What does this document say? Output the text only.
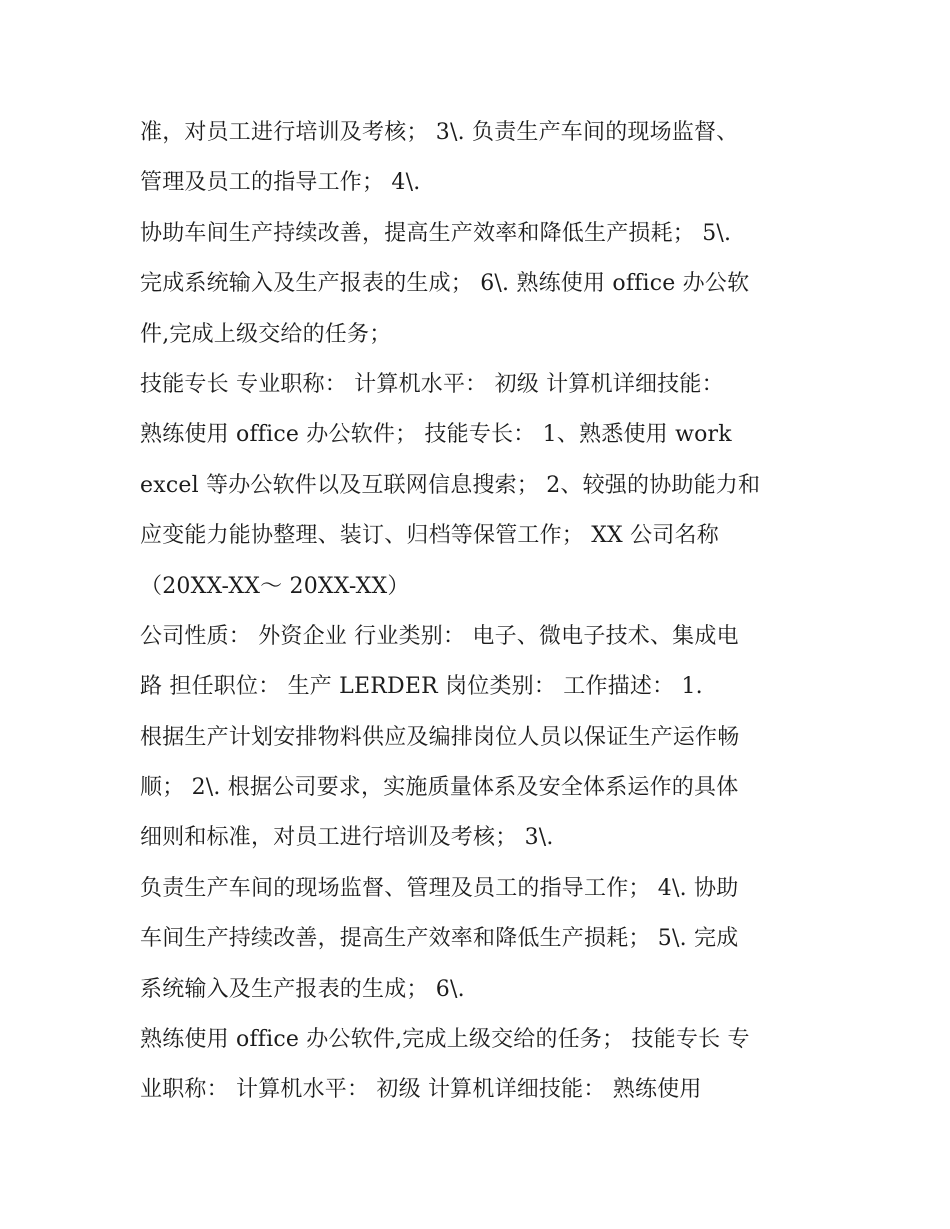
准，对员工进行培训及考核； 3\. 负责生产车间的现场监督、
管理及员工的指导工作； 4\.
协助车间生产持续改善，提高生产效率和降低生产损耗； 5\.
完成系统输入及生产报表的生成； 6\. 熟练使用 office 办公软
件,完成上级交给的任务；
技能专长 专业职称： 计算机水平： 初级 计算机详细技能：
熟练使用 office 办公软件； 技能专长： 1、熟悉使用 work
excel 等办公软件以及互联网信息搜索； 2、较强的协助能力和
应变能力能协整理、装订、归档等保管工作； XX 公司名称
（20XX-XX～ 20XX-XX）
公司性质： 外资企业 行业类别： 电子、微电子技术、集成电
路 担任职位： 生产 LERDER 岗位类别： 工作描述： 1.
根据生产计划安排物料供应及编排岗位人员以保证生产运作畅
顺； 2\. 根据公司要求，实施质量体系及安全体系运作的具体
细则和标准，对员工进行培训及考核； 3\.
负责生产车间的现场监督、管理及员工的指导工作； 4\. 协助
车间生产持续改善，提高生产效率和降低生产损耗； 5\. 完成
系统输入及生产报表的生成； 6\.
熟练使用 office 办公软件,完成上级交给的任务； 技能专长 专
业职称： 计算机水平： 初级 计算机详细技能： 熟练使用
